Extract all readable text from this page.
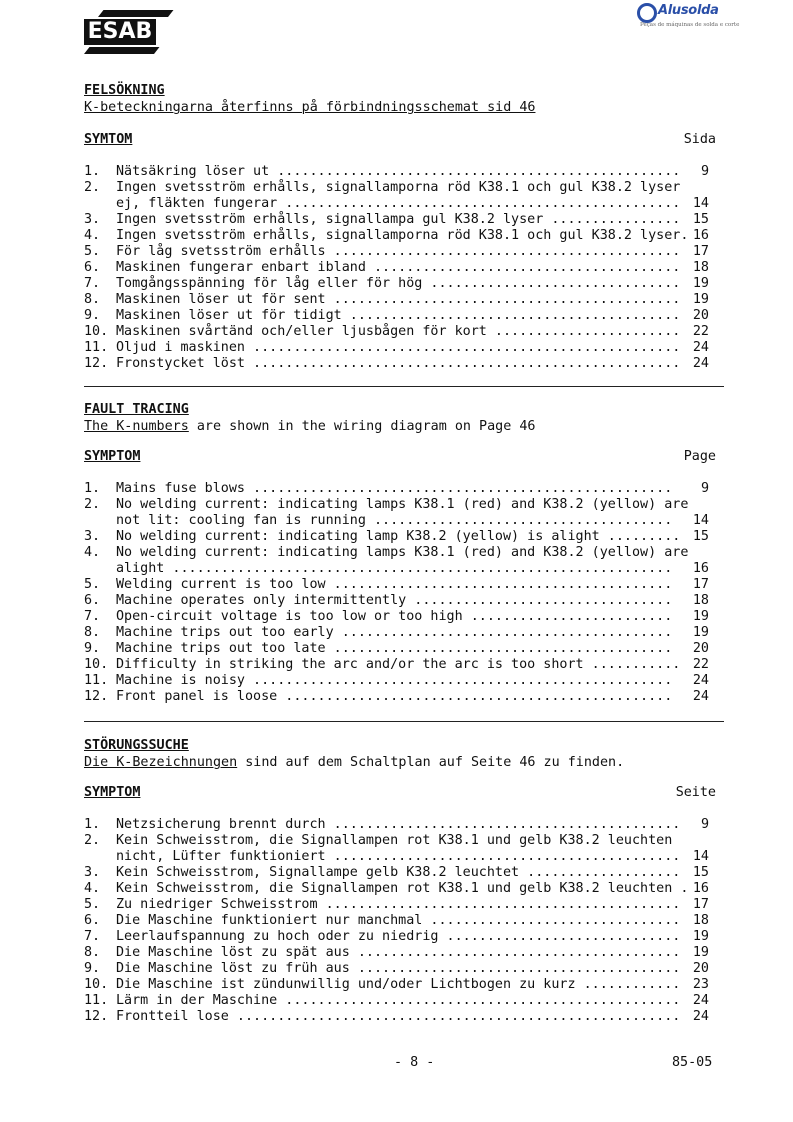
ESAB
Alusolda
Peças de máquinas de solda e corte
FELSÖKNING
K-beteckningarna återfinns på förbindningsschemat sid 46
SYMTOM	Sida
1. Nätsäkring löser ut .................................................. 9
2. Ingen svetsström erhålls, signallamporna röd K38.1 och gul K38.2 lyser
ej, fläkten fungerar ................................................. 14
3. Ingen svetsström erhålls, signallampa gul K38.2 lyser ................ 15
4. Ingen svetsström erhålls, signallamporna röd K38.1 och gul K38.2 lyser. 16
5. För låg svetsström erhålls ........................................... 17
6. Maskinen fungerar enbart ibland ...................................... 18
7. Tomgångsspänning för låg eller för hög ............................... 19
8. Maskinen löser ut för sent ........................................... 19
9. Maskinen löser ut för tidigt ......................................... 20
10. Maskinen svårtänd och/eller ljusbågen för kort ....................... 22
11. Oljud i maskinen ..................................................... 24
12. Fronstycket löst ..................................................... 24
FAULT TRACING
The K-numbers are shown in the wiring diagram on Page 46
SYMPTOM	Page
1. Mains fuse blows .................................................... 9
2. No welding current: indicating lamps K38.1 (red) and K38.2 (yellow) are
not lit: cooling fan is running ..................................... 14
3. No welding current: indicating lamp K38.2 (yellow) is alight ......... 15
4. No welding current: indicating lamps K38.1 (red) and K38.2 (yellow) are
alight .............................................................. 16
5. Welding current is too low .......................................... 17
6. Machine operates only intermittently ................................ 18
7. Open-circuit voltage is too low or too high ......................... 19
8. Machine trips out too early ......................................... 19
9. Machine trips out too late .......................................... 20
10. Difficulty in striking the arc and/or the arc is too short ........... 22
11. Machine is noisy .................................................... 24
12. Front panel is loose ................................................ 24
STÖRUNGSSUCHE
Die K-Bezeichnungen sind auf dem Schaltplan auf Seite 46 zu finden.
SYMPTOM	Seite
1. Netzsicherung brennt durch ........................................... 9
2. Kein Schweisstrom, die Signallampen rot K38.1 und gelb K38.2 leuchten
nicht, Lüfter funktioniert ........................................... 14
3. Kein Schweisstrom, Signallampe gelb K38.2 leuchtet ................... 15
4. Kein Schweisstrom, die Signallampen rot K38.1 und gelb K38.2 leuchten . 16
5. Zu niedriger Schweisstrom ............................................ 17
6. Die Maschine funktioniert nur manchmal ............................... 18
7. Leerlaufspannung zu hoch oder zu niedrig ............................. 19
8. Die Maschine löst zu spät aus ........................................ 19
9. Die Maschine löst zu früh aus ........................................ 20
10. Die Maschine ist zündunwillig und/oder Lichtbogen zu kurz ............ 23
11. Lärm in der Maschine ................................................. 24
12. Frontteil lose ....................................................... 24
- 8 -	85-05
